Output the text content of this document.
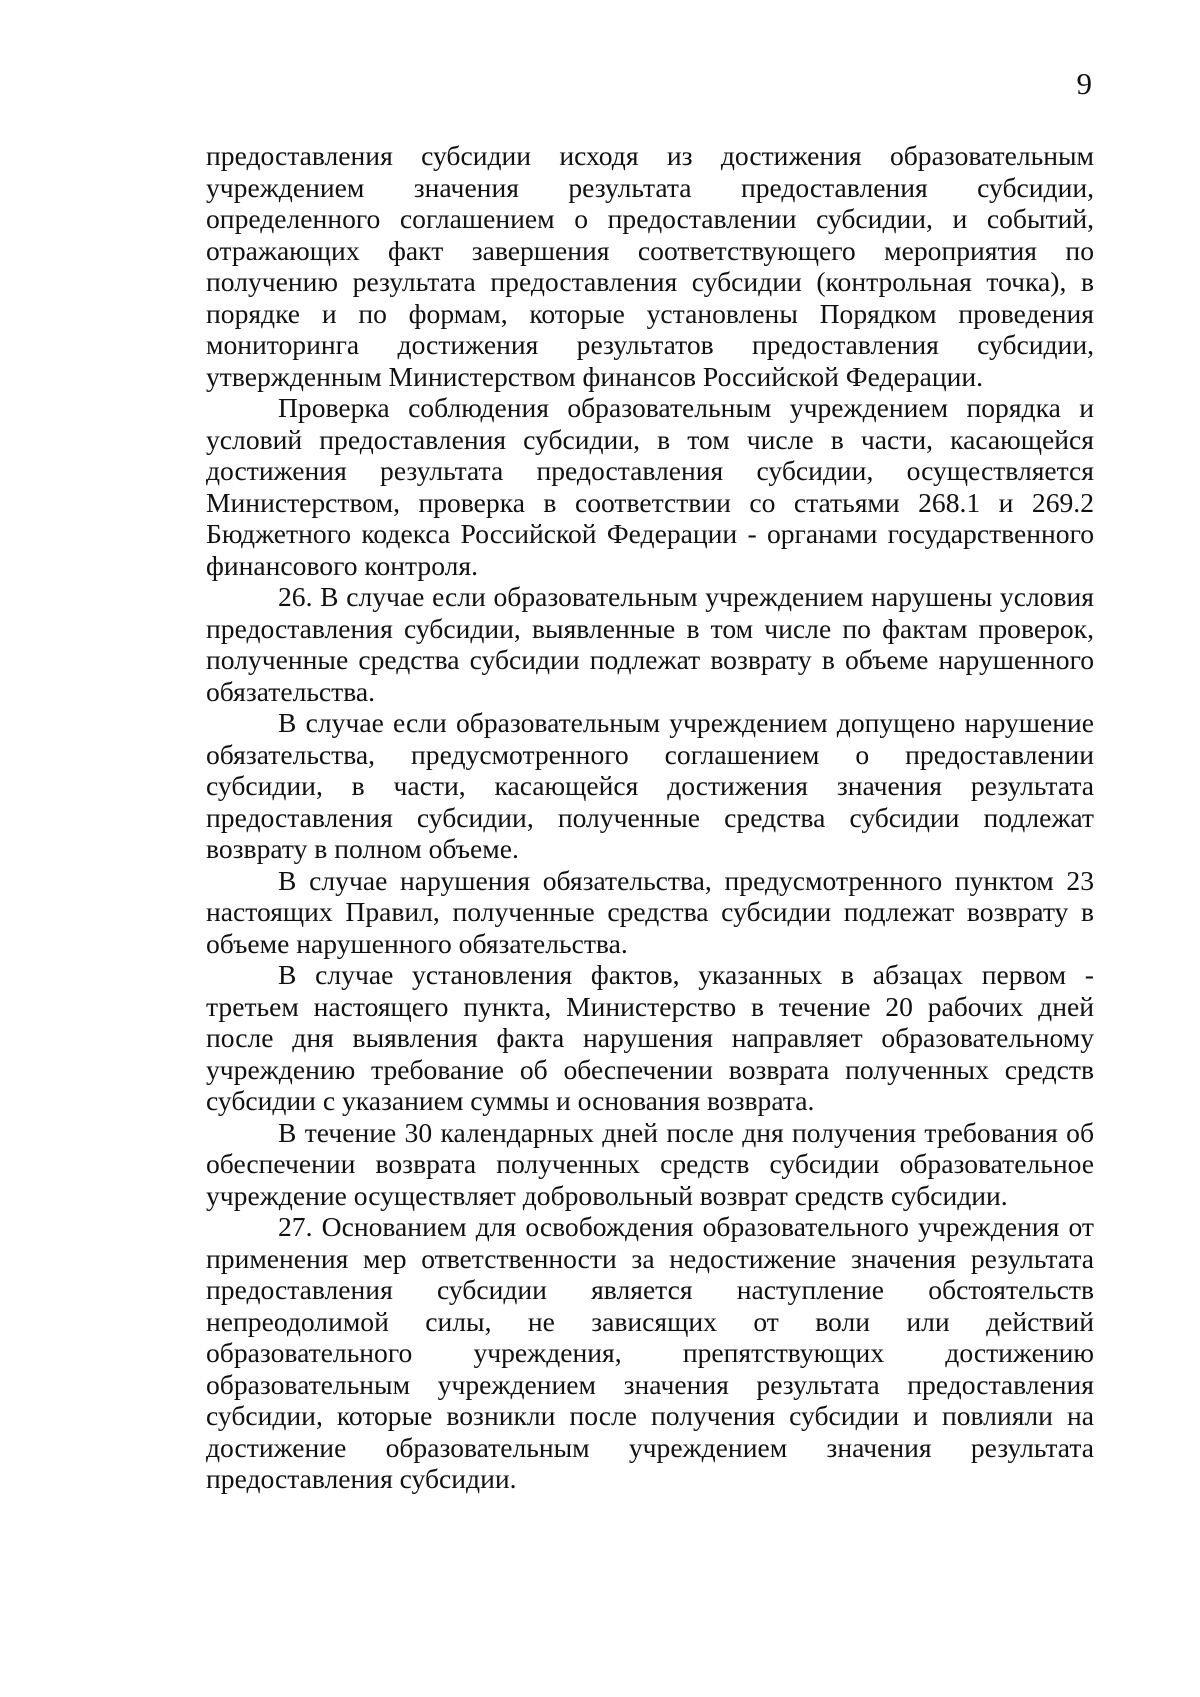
9

предоставления субсидии исходя из достижения образовательным учреждением значения результата предоставления субсидии, определенного соглашением о предоставлении субсидии, и событий, отражающих факт завершения соответствующего мероприятия по получению результата предоставления субсидии (контрольная точка), в порядке и по формам, которые установлены Порядком проведения мониторинга достижения результатов предоставления субсидии, утвержденным Министерством финансов Российской Федерации.

Проверка соблюдения образовательным учреждением порядка и условий предоставления субсидии, в том числе в части, касающейся достижения результата предоставления субсидии, осуществляется Министерством, проверка в соответствии со статьями 268.1 и 269.2 Бюджетного кодекса Российской Федерации - органами государственного финансового контроля.

26. В случае если образовательным учреждением нарушены условия предоставления субсидии, выявленные в том числе по фактам проверок, полученные средства субсидии подлежат возврату в объеме нарушенного обязательства.

В случае если образовательным учреждением допущено нарушение обязательства, предусмотренного соглашением о предоставлении субсидии, в части, касающейся достижения значения результата предоставления субсидии, полученные средства субсидии подлежат возврату в полном объеме.

В случае нарушения обязательства, предусмотренного пунктом 23 настоящих Правил, полученные средства субсидии подлежат возврату в объеме нарушенного обязательства.

В случае установления фактов, указанных в абзацах первом - третьем настоящего пункта, Министерство в течение 20 рабочих дней после дня выявления факта нарушения направляет образовательному учреждению требование об обеспечении возврата полученных средств субсидии с указанием суммы и основания возврата.

В течение 30 календарных дней после дня получения требования об обеспечении возврата полученных средств субсидии образовательное учреждение осуществляет добровольный возврат средств субсидии.

27. Основанием для освобождения образовательного учреждения от применения мер ответственности за недостижение значения результата предоставления субсидии является наступление обстоятельств непреодолимой силы, не зависящих от воли или действий образовательного учреждения, препятствующих достижению образовательным учреждением значения результата предоставления субсидии, которые возникли после получения субсидии и повлияли на достижение образовательным учреждением значения результата предоставления субсидии.
